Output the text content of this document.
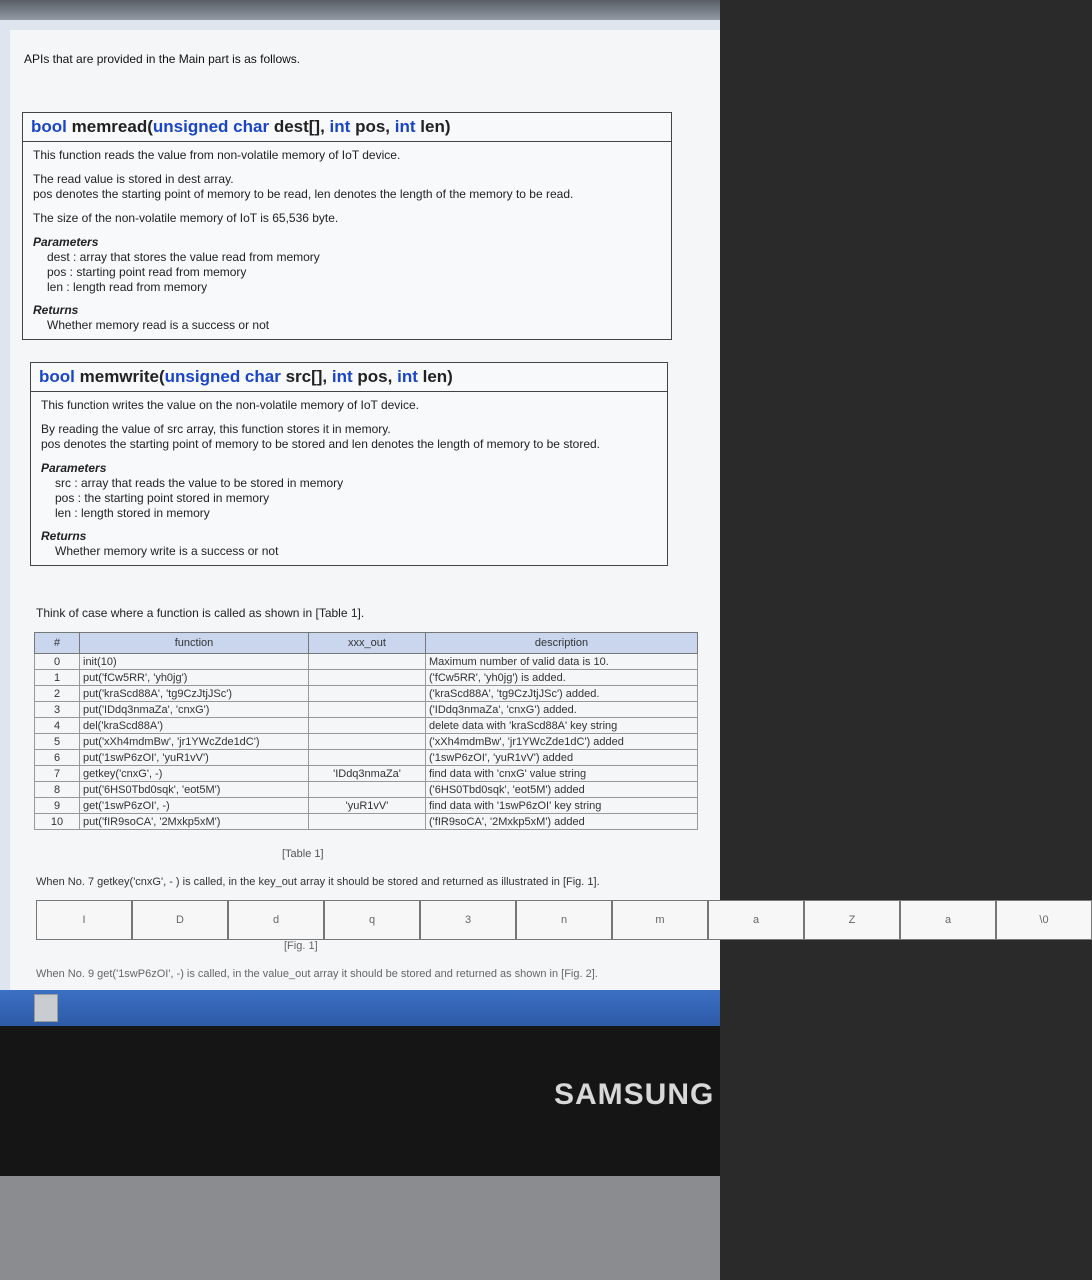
APIs that are provided in the Main part is as follows.
bool memread(unsigned char dest[], int pos, int len)

This function reads the value from non-volatile memory of IoT device.

The read value is stored in dest array.

pos denotes the starting point of memory to be read, len denotes the length of the memory to be read.

The size of the non-volatile memory of IoT is 65,536 byte.

Parameters
dest : array that stores the value read from memory
pos : starting point read from memory
len : length read from memory
Returns
Whether memory read is a success or not
bool memwrite(unsigned char src[], int pos, int len)

This function writes the value on the non-volatile memory of IoT device.

By reading the value of src array, this function stores it in memory.

pos denotes the starting point of memory to be stored and len denotes the length of memory to be stored.

Parameters
src : array that reads the value to be stored in memory
pos : the starting point stored in memory
len : length stored in memory
Returns
Whether memory write is a success or not
Think of case where a function is called as shown in [Table 1].
#	function	xxx_out	description
0	init(10)		Maximum number of valid data is 10.
1	put('fCw5RR', 'yh0jg')		('fCw5RR', 'yh0jg') is added.
2	put('kraScd88A', 'tg9CzJtjJSc')		('kraScd88A', 'tg9CzJtjJSc') added.
3	put('IDdq3nmaZa', 'cnxG')		('IDdq3nmaZa', 'cnxG') added.
4	del('kraScd88A')		delete data with 'kraScd88A' key string
5	put('xXh4mdmBw', 'jr1YWcZde1dC')		('xXh4mdmBw', 'jr1YWcZde1dC') added
6	put('1swP6zOI', 'yuR1vV')		('1swP6zOI', 'yuR1vV') added
7	getkey('cnxG', -)	'IDdq3nmaZa'	find data with 'cnxG' value string
8	put('6HS0Tbd0sqk', 'eot5M')		('6HS0Tbd0sqk', 'eot5M') added
9	get('1swP6zOI', -)	'yuR1vV'	find data with '1swP6zOI' key string
10	put('fIR9soCA', '2Mxkp5xM')		('fIR9soCA', '2Mxkp5xM') added
[Table 1]
When No. 7 getkey('cnxG', - ) is called, in the key_out array it should be stored and returned as illustrated in [Fig. 1].
I	D	d	q	3	n	m	a	Z	a	\0
[Fig. 1]
When No. 9 get('1swP6zOI', -) is called, in the value_out array it should be stored and returned as shown in [Fig. 2].
SAMSUNG
